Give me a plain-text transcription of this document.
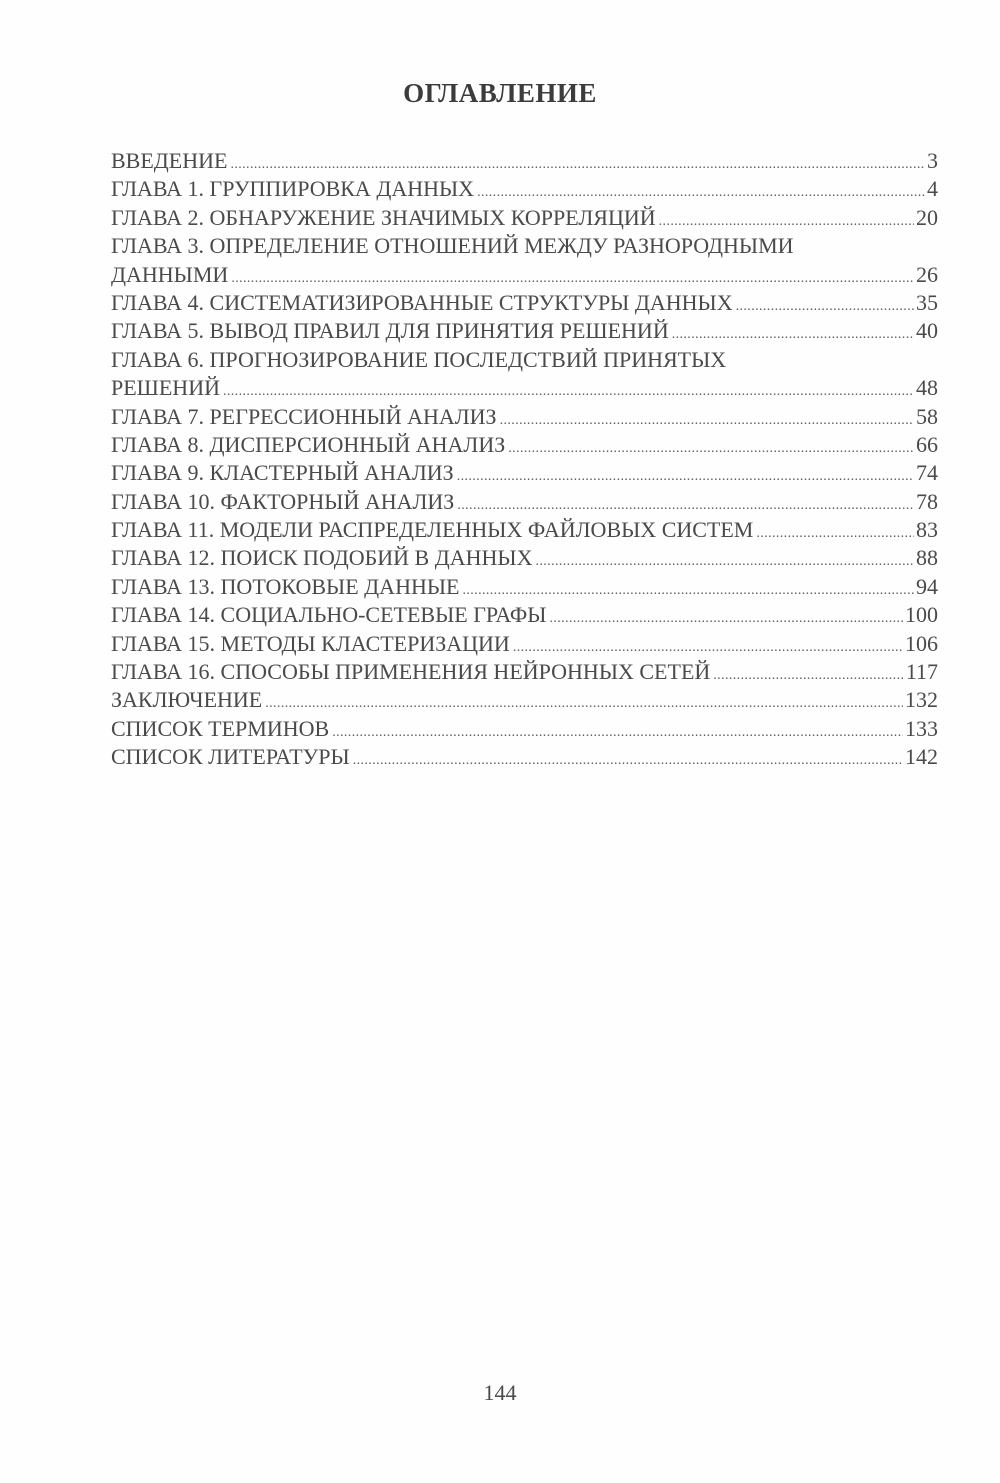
ОГЛАВЛЕНИЕ
ВВЕДЕНИЕ .....	3
ГЛАВА 1. ГРУППИРОВКА ДАННЫХ .....	4
ГЛАВА 2. ОБНАРУЖЕНИЕ ЗНАЧИМЫХ КОРРЕЛЯЦИЙ .....	20
ГЛАВА 3. ОПРЕДЕЛЕНИЕ ОТНОШЕНИЙ МЕЖДУ РАЗНОРОДНЫМИ
ДАННЫМИ .....	26
ГЛАВА 4. СИСТЕМАТИЗИРОВАННЫЕ СТРУКТУРЫ ДАННЫХ .....	35
ГЛАВА 5. ВЫВОД ПРАВИЛ ДЛЯ ПРИНЯТИЯ РЕШЕНИЙ .....	40
ГЛАВА 6. ПРОГНОЗИРОВАНИЕ ПОСЛЕДСТВИЙ ПРИНЯТЫХ
РЕШЕНИЙ .....	48
ГЛАВА 7. РЕГРЕССИОННЫЙ АНАЛИЗ .....	58
ГЛАВА 8. ДИСПЕРСИОННЫЙ АНАЛИЗ .....	66
ГЛАВА 9. КЛАСТЕРНЫЙ АНАЛИЗ .....	74
ГЛАВА 10. ФАКТОРНЫЙ АНАЛИЗ .....	78
ГЛАВА 11. МОДЕЛИ РАСПРЕДЕЛЕННЫХ ФАЙЛОВЫХ СИСТЕМ .....	83
ГЛАВА 12. ПОИСК ПОДОБИЙ В ДАННЫХ .....	88
ГЛАВА 13. ПОТОКОВЫЕ ДАННЫЕ .....	94
ГЛАВА 14. СОЦИАЛЬНО-СЕТЕВЫЕ ГРАФЫ .....	100
ГЛАВА 15. МЕТОДЫ КЛАСТЕРИЗАЦИИ .....	106
ГЛАВА 16. СПОСОБЫ ПРИМЕНЕНИЯ НЕЙРОННЫХ СЕТЕЙ .....	117
ЗАКЛЮЧЕНИЕ .....	132
СПИСОК ТЕРМИНОВ .....	133
СПИСОК ЛИТЕРАТУРЫ .....	142
144
